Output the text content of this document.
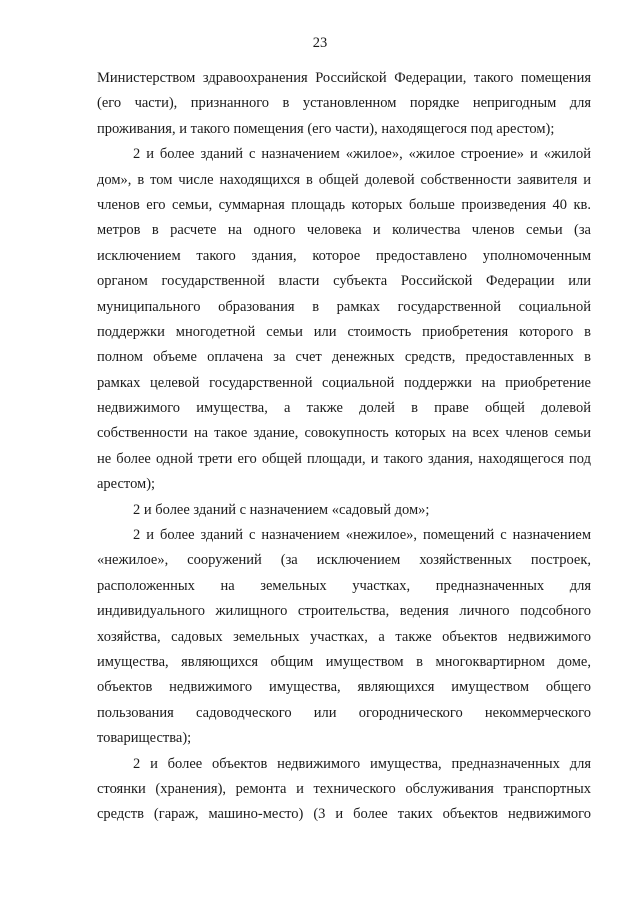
23
Министерством здравоохранения Российской Федерации, такого помещения
(его части), признанного в установленном порядке непригодным для
проживания, и такого помещения (его части), находящегося под арестом);
2 и более зданий с назначением «жилое», «жилое строение» и «жилой
дом», в том числе находящихся в общей долевой собственности заявителя и
членов его семьи, суммарная площадь которых больше произведения 40 кв.
метров в расчете на одного человека и количества членов семьи (за
исключением такого здания, которое предоставлено уполномоченным
органом государственной власти субъекта Российской Федерации или
муниципального образования в рамках государственной социальной
поддержки многодетной семьи или стоимость приобретения которого в
полном объеме оплачена за счет денежных средств, предоставленных в
рамках целевой государственной социальной поддержки на приобретение
недвижимого имущества, а также долей в праве общей долевой
собственности на такое здание, совокупность которых на всех членов семьи
не более одной трети его общей площади, и такого здания, находящегося под
арестом);
2 и более зданий с назначением «садовый дом»;
2 и более зданий с назначением «нежилое», помещений с назначением
«нежилое», сооружений (за исключением хозяйственных построек,
расположенных на земельных участках, предназначенных для
индивидуального жилищного строительства, ведения личного подсобного
хозяйства, садовых земельных участках, а также объектов недвижимого
имущества, являющихся общим имуществом в многоквартирном доме,
объектов недвижимого имущества, являющихся имуществом общего
пользования садоводческого или огороднического некоммерческого
товарищества);
2 и более объектов недвижимого имущества, предназначенных для
стоянки (хранения), ремонта и технического обслуживания транспортных
средств (гараж, машино-место) (3 и более таких объектов недвижимого
